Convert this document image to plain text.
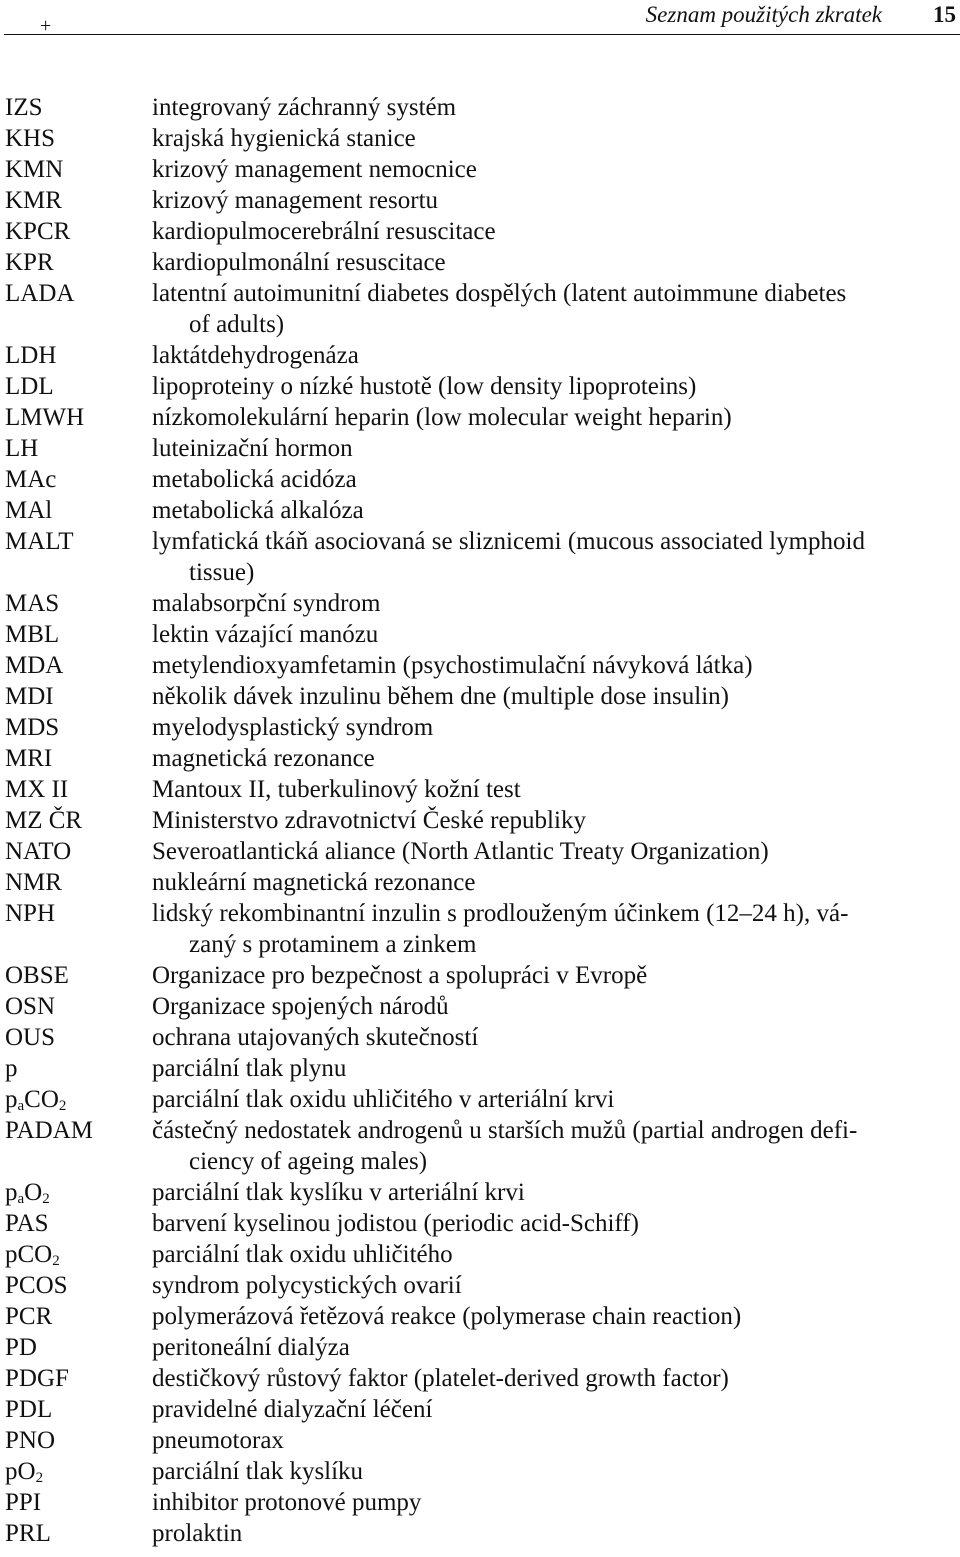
+	Seznam použitých zkratek 15
IZS	integrovaný záchranný systém
KHS	krajská hygienická stanice
KMN	krizový management nemocnice
KMR	krizový management resortu
KPCR	kardiopulmocerebrální resuscitace
KPR	kardiopulmonální resuscitace
LADA	latentní autoimunitní diabetes dospělých (latent autoimmune diabetes
of adults)
LDH	laktátdehydrogenáza
LDL	lipoproteiny o nízké hustotě (low density lipoproteins)
LMWH	nízkomolekulární heparin (low molecular weight heparin)
LH	luteinizační hormon
MAc	metabolická acidóza
MAl	metabolická alkalóza
MALT	lymfatická tkáň asociovaná se sliznicemi (mucous associated lymphoid
tissue)
MAS	malabsorpční syndrom
MBL	lektin vázající manózu
MDA	metylendioxyamfetamin (psychostimulační návyková látka)
MDI	několik dávek inzulinu během dne (multiple dose insulin)
MDS	myelodysplastický syndrom
MRI	magnetická rezonance
MX II	Mantoux II, tuberkulinový kožní test
MZ ČR	Ministerstvo zdravotnictví České republiky
NATO	Severoatlantická aliance (North Atlantic Treaty Organization)
NMR	nukleární magnetická rezonance
NPH	lidský rekombinantní inzulin s prodlouženým účinkem (12–24 h), vá-
zaný s protaminem a zinkem
OBSE	Organizace pro bezpečnost a spolupráci v Evropě
OSN	Organizace spojených národů
OUS	ochrana utajovaných skutečností
p	parciální tlak plynu
$p_aCO_2$	parciální tlak oxidu uhličitého v arteriální krvi
PADAM	částečný nedostatek androgenů u starších mužů (partial androgen defi-
ciency of ageing males)
$p_aO_2$	parciální tlak kyslíku v arteriální krvi
PAS	barvení kyselinou jodistou (periodic acid-Schiff)
pCO$_2$	parciální tlak oxidu uhličitého
PCOS	syndrom polycystických ovarií
PCR	polymerázová řetězová reakce (polymerase chain reaction)
PD	peritoneální dialýza
PDGF	destičkový růstový faktor (platelet-derived growth factor)
PDL	pravidelné dialyzační léčení
PNO	pneumotorax
$pO_2$	parciální tlak kyslíku
PPI	inhibitor protonové pumpy
PRL	prolaktin
